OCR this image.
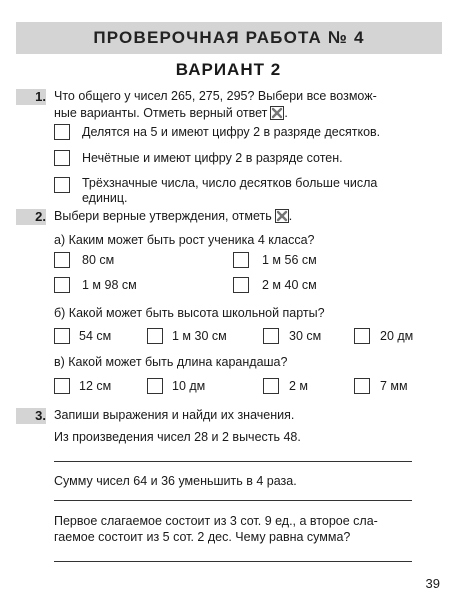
ПРОВЕРОЧНАЯ РАБОТА № 4
ВАРИАНТ 2
1. Что общего у чисел 265, 275, 295? Выбери все возмож-
ные варианты. Отметь верный ответ .
Делятся на 5 и имеют цифру 2 в разряде десятков.
Нечётные и имеют цифру 2 в разряде сотен.
Трёхзначные числа, число десятков больше числа
единиц.
2. Выбери верные утверждения, отметь .
а) Каким может быть рост ученика 4 класса?
80 см	1 м 56 см
1 м 98 см	2 м 40 см
б) Какой может быть высота школьной парты?
54 см	1 м 30 см	30 см	20 дм
в) Какой может быть длина карандаша?
12 см	10 дм	2 м	7 мм
3. Запиши выражения и найди их значения.
Из произведения чисел 28 и 2 вычесть 48.
Сумму чисел 64 и 36 уменьшить в 4 раза.
Первое слагаемое состоит из 3 сот. 9 ед., а второе сла-
гаемое состоит из 5 сот. 2 дес. Чему равна сумма?
39
